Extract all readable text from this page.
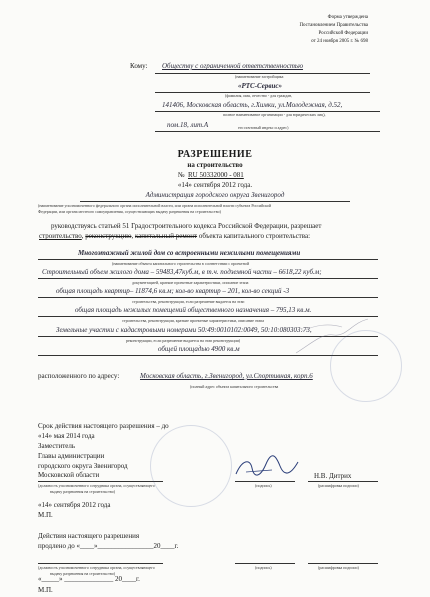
Форма утверждена
Постановлением Правительства
Российской Федерации
от 24 ноября 2005 г. № 698
Кому: Обществу с ограниченной ответственностью
(наименование застройщика
«РТС-Сервис»
(фамилия, имя, отчество - для граждан,
141406, Московская область, г.Химки, ул.Молодежная, д.52,
полное наименование организации - для юридических лиц),
пом.18, лит.А	его почтовый индекс и адрес)
РАЗРЕШЕНИЕ
на строительство
№ RU 50332000 - 081
«14» сентября 2012 года.
Администрация городского округа Звенигород
(наименование уполномоченного федерального органа исполнительной власти, или органа исполнительной власти субъекта Российской
Федерации, или органа местного самоуправления, осуществляющих выдачу разрешения на строительство)
руководствуясь статьей 51 Градостроительного кодекса Российской Федерации, разрешает
строительство, реконструкцию, капитальный ремонт объекта капитального строительства:
Многоэтажный жилой дом со встроенными нежилыми помещениями
(наименование объекта капитального строительства в соответствии с проектной
Строительный объем жилого дома – 59483,47куб.м, в т.ч. подземной части – 6618,22 куб.м;
документацией, краткие проектные характеристики, описание этапа
общая площадь квартир– 11874,6 кв.м; кол-во квартир – 201, кол-во секций -3
строительства, реконструкции, если разрешение выдается на этап
общая площадь нежилых помещений общественного назначения – 795,13 кв.м.
строительства, реконструкции, краткие проектные характеристики, описание этапа
Земельные участки с кадастровыми номерами 50:49:0010102:0049, 50:10:080303:73,
реконструкции, если разрешение выдается на этап реконструкции)
общей площадью 4900 кв.м
расположенного по адресу:	Московская область, г.Звенигород, ул.Спортивная, корп.6
(полный адрес объекта капитального строительства
Срок действия настоящего разрешения – до
«14» мая 2014 года
Заместитель
Главы администрации
городского округа Звенигород
Московской области	Н.В. Дитрих
(должность уполномоченного сотрудника органа, осуществляющего
выдачу разрешения на строительство)
(подпись)	(расшифровка подписи)
«14» сентября 2012 года
М.П.
Действия настоящего разрешения
продлено до «____»________________20____г.
(должность уполномоченного сотрудника органа, осуществляющего
выдачу разрешения на строительство)
(подпись)	(расшифровка подписи)
«_____» ______________ 20____г.
М.П.
